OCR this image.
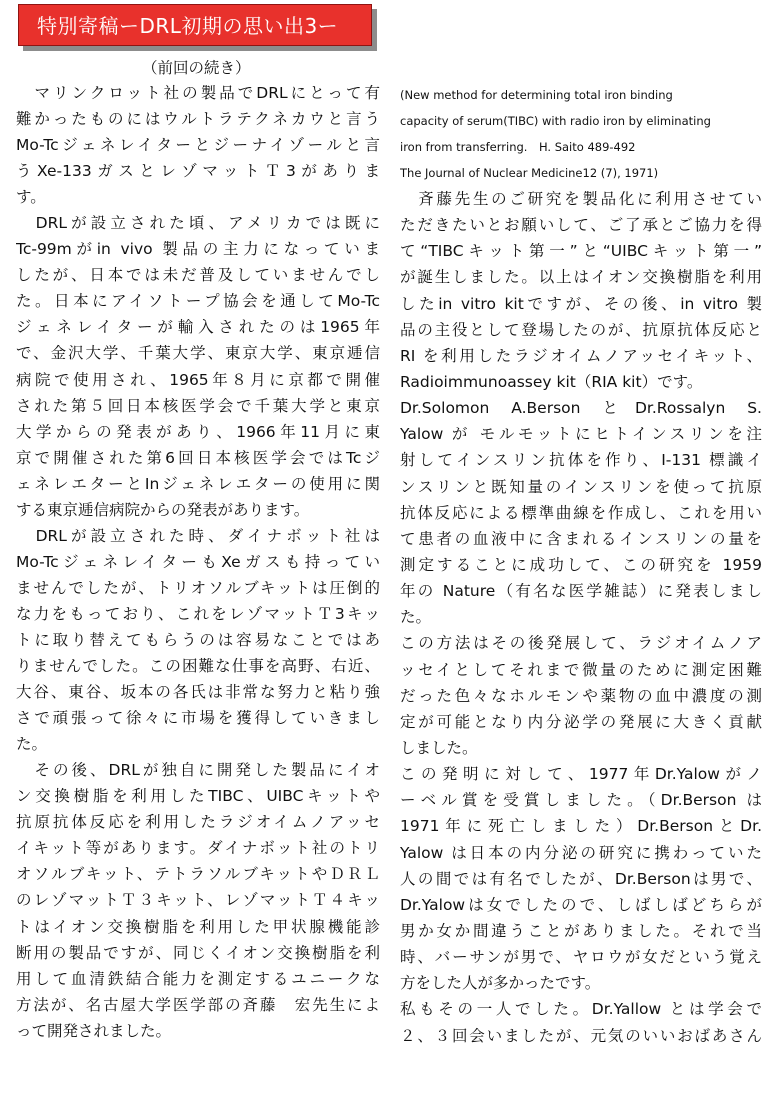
特別寄稿ーDRL初期の思い出3ー
（前回の続き）
　マリンクロット社の製品でDRLにとって有
難かったものにはウルトラテクネカウと言う
Mo-Tcジェネレイターとジーナイゾールと言
うXe-133ガスとレゾマットＴ3がありま
す。
　DRLが設立された頃、アメリカでは既に
Tc-99mがin vivo 製品の主力になっていま
したが、日本では未だ普及していませんでし
た。日本にアイソトープ協会を通してMo-Tc
ジェネレイターが輸入されたのは1965年
で、金沢大学、千葉大学、東京大学、東京逓信
病院で使用され、1965年８月に京都で開催
された第５回日本核医学会で千葉大学と東京
大学からの発表があり、1966年11月に東
京で開催された第6回日本核医学会ではTcジ
ェネレエターとInジェネレエターの使用に関
する東京逓信病院からの発表があります。
　DRLが設立された時、ダイナボット社は
Mo-TcジェネレイターもXeガスも持ってい
ませんでしたが、トリオソルブキットは圧倒的
な力をもっており、これをレゾマットＴ3キッ
トに取り替えてもらうのは容易なことではあ
りませんでした。この困難な仕事を高野、右近、
大谷、東谷、坂本の各氏は非常な努力と粘り強
さで頑張って徐々に市場を獲得していきまし
た。
　その後、DRLが独自に開発した製品にイオ
ン交換樹脂を利用したTIBC、UIBCキットや
抗原抗体反応を利用したラジオイムノアッセ
イキット等があります。ダイナボット社のトリ
オソルブキット、テトラソルブキットやＤＲＬ
のレゾマットＴ３キット、レゾマットＴ４キッ
トはイオン交換樹脂を利用した甲状腺機能診
断用の製品ですが、同じくイオン交換樹脂を利
用して血清鉄結合能力を測定するユニークな
方法が、名古屋大学医学部の斉藤　宏先生によ
って開発されました。
(New method for determining total iron binding
capacity of serum(TIBC) with radio iron by eliminating
iron from transferring.　H. Saito 489-492
The Journal of Nuclear Medicine12 (7), 1971)
　斉藤先生のご研究を製品化に利用させてい
ただきたいとお願いして、ご了承とご協力を得
て“TIBCキット第一”と“UIBCキット第一”
が誕生しました。以上はイオン交換樹脂を利用
したin vitro kitですが、その後、in vitro 製
品の主役として登場したのが、抗原抗体反応と
RI を利用したラジオイムノアッセイキット、
Radioimmunoassey kit（RIA kit）です。
Dr.Solomon A.Berson とDr.Rossalyn S.
Yalow が モルモットにヒトインスリンを注
射してインスリン抗体を作り、I-131 標識イ
ンスリンと既知量のインスリンを使って抗原
抗体反応による標準曲線を作成し、これを用い
て患者の血液中に含まれるインスリンの量を
測定することに成功して、この研究を 1959
年の Nature（有名な医学雑誌）に発表しまし
た。
この方法はその後発展して、ラジオイムノア
ッセイとしてそれまで微量のために測定困難
だった色々なホルモンや薬物の血中濃度の測
定が可能となり内分泌学の発展に大きく貢献
しました。
この発明に対して、1977年Dr.Yalowがノ
ーベル賞を受賞しました。（Dr.Berson は
1971年に死亡しました）Dr.BersonとDr.
Yalow は日本の内分泌の研究に携わっていた
人の間では有名でしたが、Dr.Bersonは男で、
Dr.Yalowは女でしたので、しばしばどちらが
男か女か間違うことがありました。それで当
時、バーサンが男で、ヤロウが女だという覚え
方をした人が多かったです。
私もその一人でした。Dr.Yallow とは学会で
２、３回会いましたが、元気のいいおばあさん
